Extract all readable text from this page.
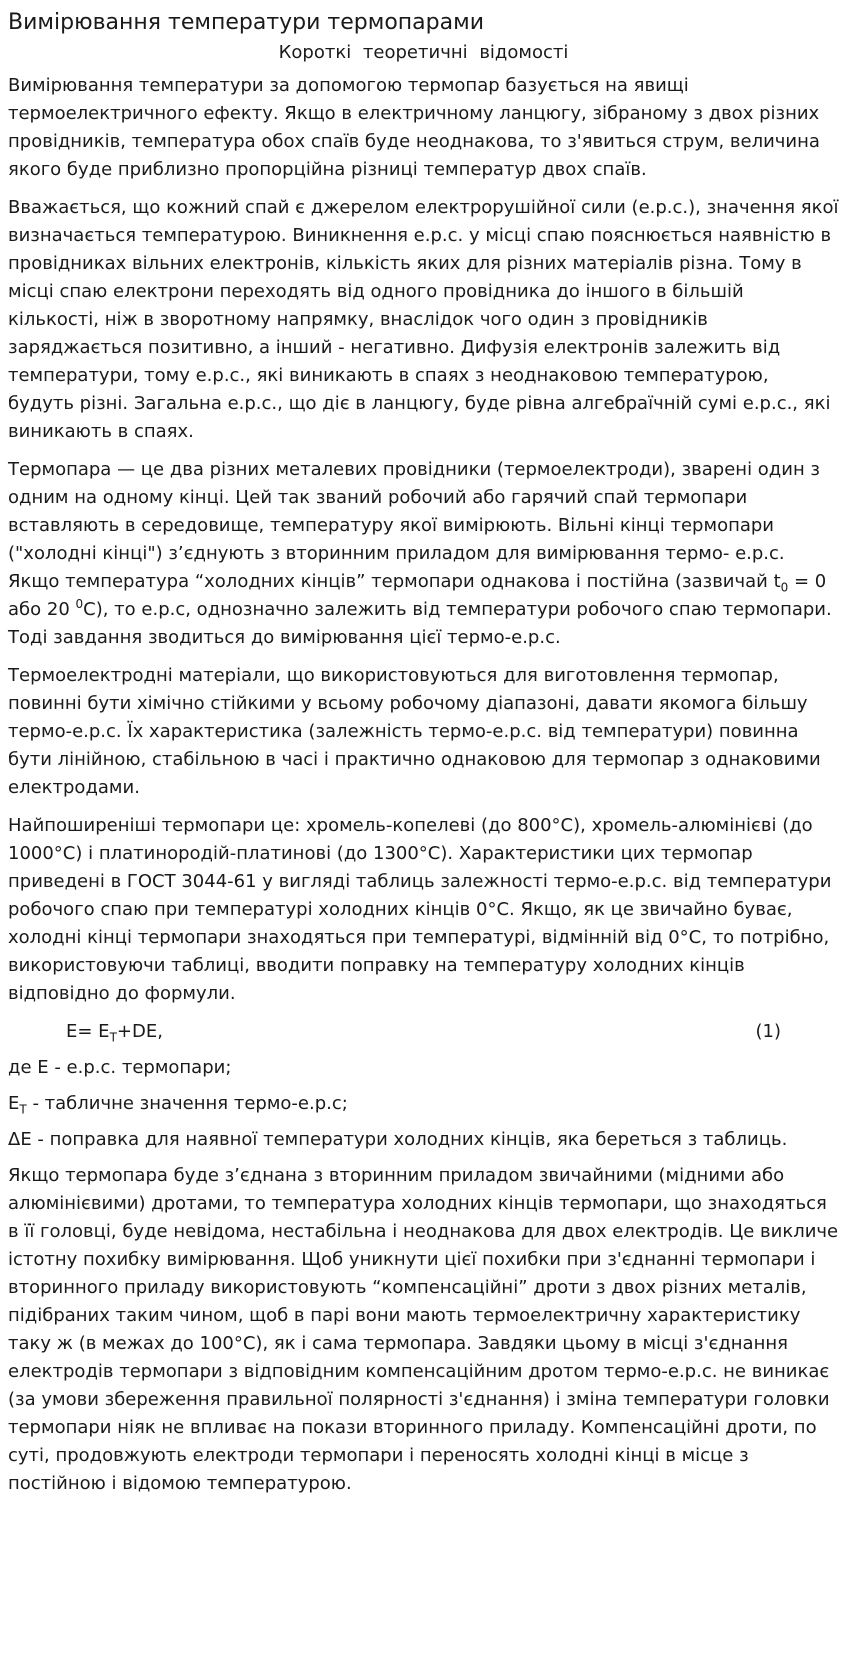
Вимірювання температури термопарами
Короткі теоретичні відомості

Вимірювання температури за допомогою термопар базується на явищі термоелектричного ефекту. Якщо в електричному ланцюгу, зібраному з двох різних провідників, температура обох спаїв буде неоднакова, то з'явиться струм, величина якого буде приблизно пропорційна різниці температур двох спаїв.

Вважається, що кожний спай є джерелом електрорушійної сили (е.р.с.), значення якої визначається температурою. Виникнення е.р.с. у місці спаю пояснюється наявністю в провідниках вільних електронів, кількість яких для різних матеріалів різна. Тому в місці спаю електрони переходять від одного провідника до іншого в більшій кількості, ніж в зворотному напрямку, внаслідок чого один з провідників заряджається позитивно, а інший - негативно. Дифузія електронів залежить від температури, тому е.р.с., які виникають в спаях з неоднаковою температурою, будуть різні. Загальна е.р.с., що діє в ланцюгу, буде рівна алгебраїчній сумі е.р.с., які виникають в спаях.

Термопара — це два різних металевих провідники (термоелектроди), зварені один з одним на одному кінці. Цей так званий робочий або гарячий спай термопари вставляють в середовище, температуру якої вимірюють. Вільні кінці термопари ("холодні кінці") з’єднують з вторинним приладом для вимірювання термо- е.р.с. Якщо температура “холодних кінців” термопари однакова і постійна (зазвичай $t_0 = 0$ або 20 $^0$С), то е.р.с, однозначно залежить від температури робочого спаю термопари. Тоді завдання зводиться до вимірювання цієї термо-е.р.с.

Термоелектродні матеріали, що використовуються для виготовлення термопар, повинні бути хімічно стійкими у всьому робочому діапазоні, давати якомога більшу термо-е.р.с. Їх характеристика (залежність термо-е.р.с. від температури) повинна бути лінійною, стабільною в часі і практично однаковою для термопар з однаковими електродами.

Найпоширеніші термопари це: хромель-копелеві (до 800°С), хромель-алюмінієві (до 1000°С) і платинородій-платинові (до 1300°С). Характеристики цих термопар приведені в ГОСТ 3044-61 у вигляді таблиць залежності термо-е.р.с. від температури робочого спаю при температурі холодних кінців 0°С. Якщо, як це звичайно буває, холодні кінці термопари знаходяться при температурі, відмінній від 0°С, то потрібно, використовуючи таблиці, вводити поправку на температуру холодних кінців відповідно до формули.

$E= E_T+DE$,	(1)

де Е - е.р.с. термопари;

$Е_Т$ - табличне значення термо-е.р.с;

ΔЕ - поправка для наявної температури холодних кінців, яка береться з таблиць.

Якщо термопара буде з’єднана з вторинним приладом звичайними (мідними або алюмінієвими) дротами, то температура холодних кінців термопари, що знаходяться в її головці, буде невідома, нестабільна і неоднакова для двох електродів. Це викличе істотну похибку вимірювання. Щоб уникнути цієї похибки при з'єднанні термопари і вторинного приладу використовують “компенсаційні” дроти з двох різних металів, підібраних таким чином, щоб в парі вони мають термоелектричну характеристику таку ж (в межах до 100°С), як і сама термопара. Завдяки цьому в місці з'єднання електродів термопари з відповідним компенсаційним дротом термо-е.р.с. не виникає (за умови збереження правильної полярності з'єднання) і зміна температури головки термопари ніяк не впливає на покази вторинного приладу. Компенсаційні дроти, по суті, продовжують електроди термопари і переносять холодні кінці в місце з постійною і відомою температурою.
